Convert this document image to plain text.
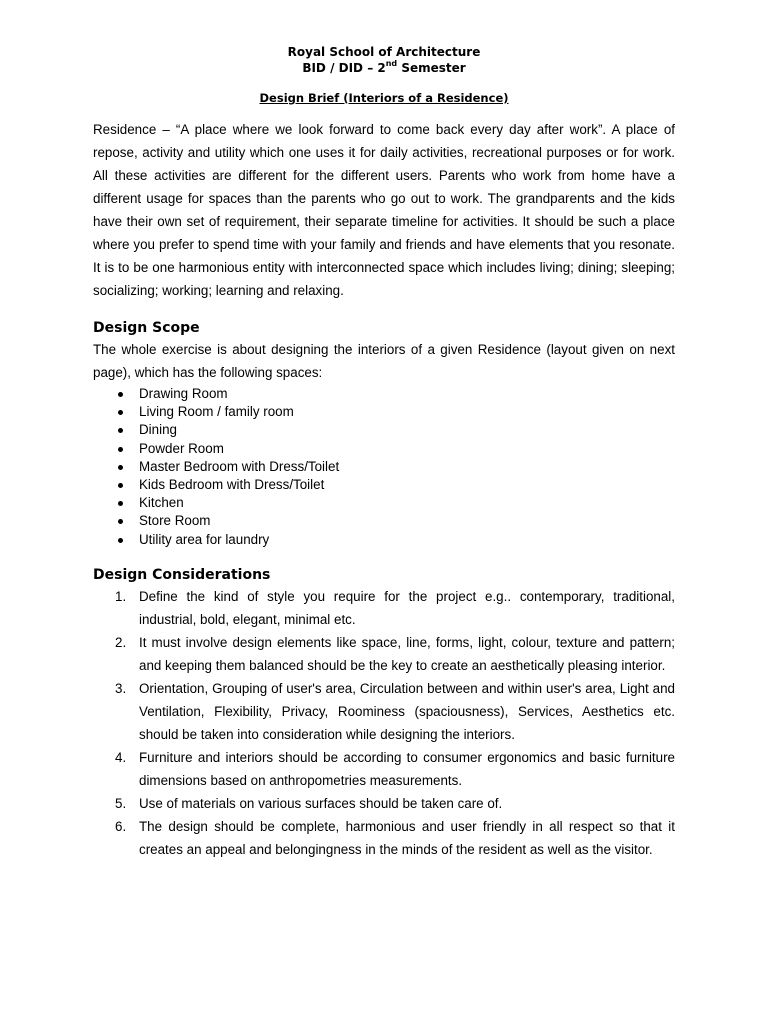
Royal School of Architecture
BID / DID – 2nd Semester
Design Brief (Interiors of a Residence)
Residence – “A place where we look forward to come back every day after work”. A place of repose, activity and utility which one uses it for daily activities, recreational purposes or for work. All these activities are different for the different users. Parents who work from home have a different usage for spaces than the parents who go out to work. The grandparents and the kids have their own set of requirement, their separate timeline for activities. It should be such a place where you prefer to spend time with your family and friends and have elements that you resonate. It is to be one harmonious entity with interconnected space which includes living; dining; sleeping; socializing; working; learning and relaxing.
Design Scope
The whole exercise is about designing the interiors of a given Residence (layout given on next page), which has the following spaces:
Drawing Room
Living Room / family room
Dining
Powder Room
Master Bedroom with Dress/Toilet
Kids Bedroom with Dress/Toilet
Kitchen
Store Room
Utility area for laundry
Design Considerations
1. Define the kind of style you require for the project e.g.. contemporary, traditional, industrial, bold, elegant, minimal etc.
2. It must involve design elements like space, line, forms, light, colour, texture and pattern; and keeping them balanced should be the key to create an aesthetically pleasing interior.
3. Orientation, Grouping of user's area, Circulation between and within user's area, Light and Ventilation, Flexibility, Privacy, Roominess (spaciousness), Services, Aesthetics etc. should be taken into consideration while designing the interiors.
4. Furniture and interiors should be according to consumer ergonomics and basic furniture dimensions based on anthropometries measurements.
5. Use of materials on various surfaces should be taken care of.
6. The design should be complete, harmonious and user friendly in all respect so that it creates an appeal and belongingness in the minds of the resident as well as the visitor.
